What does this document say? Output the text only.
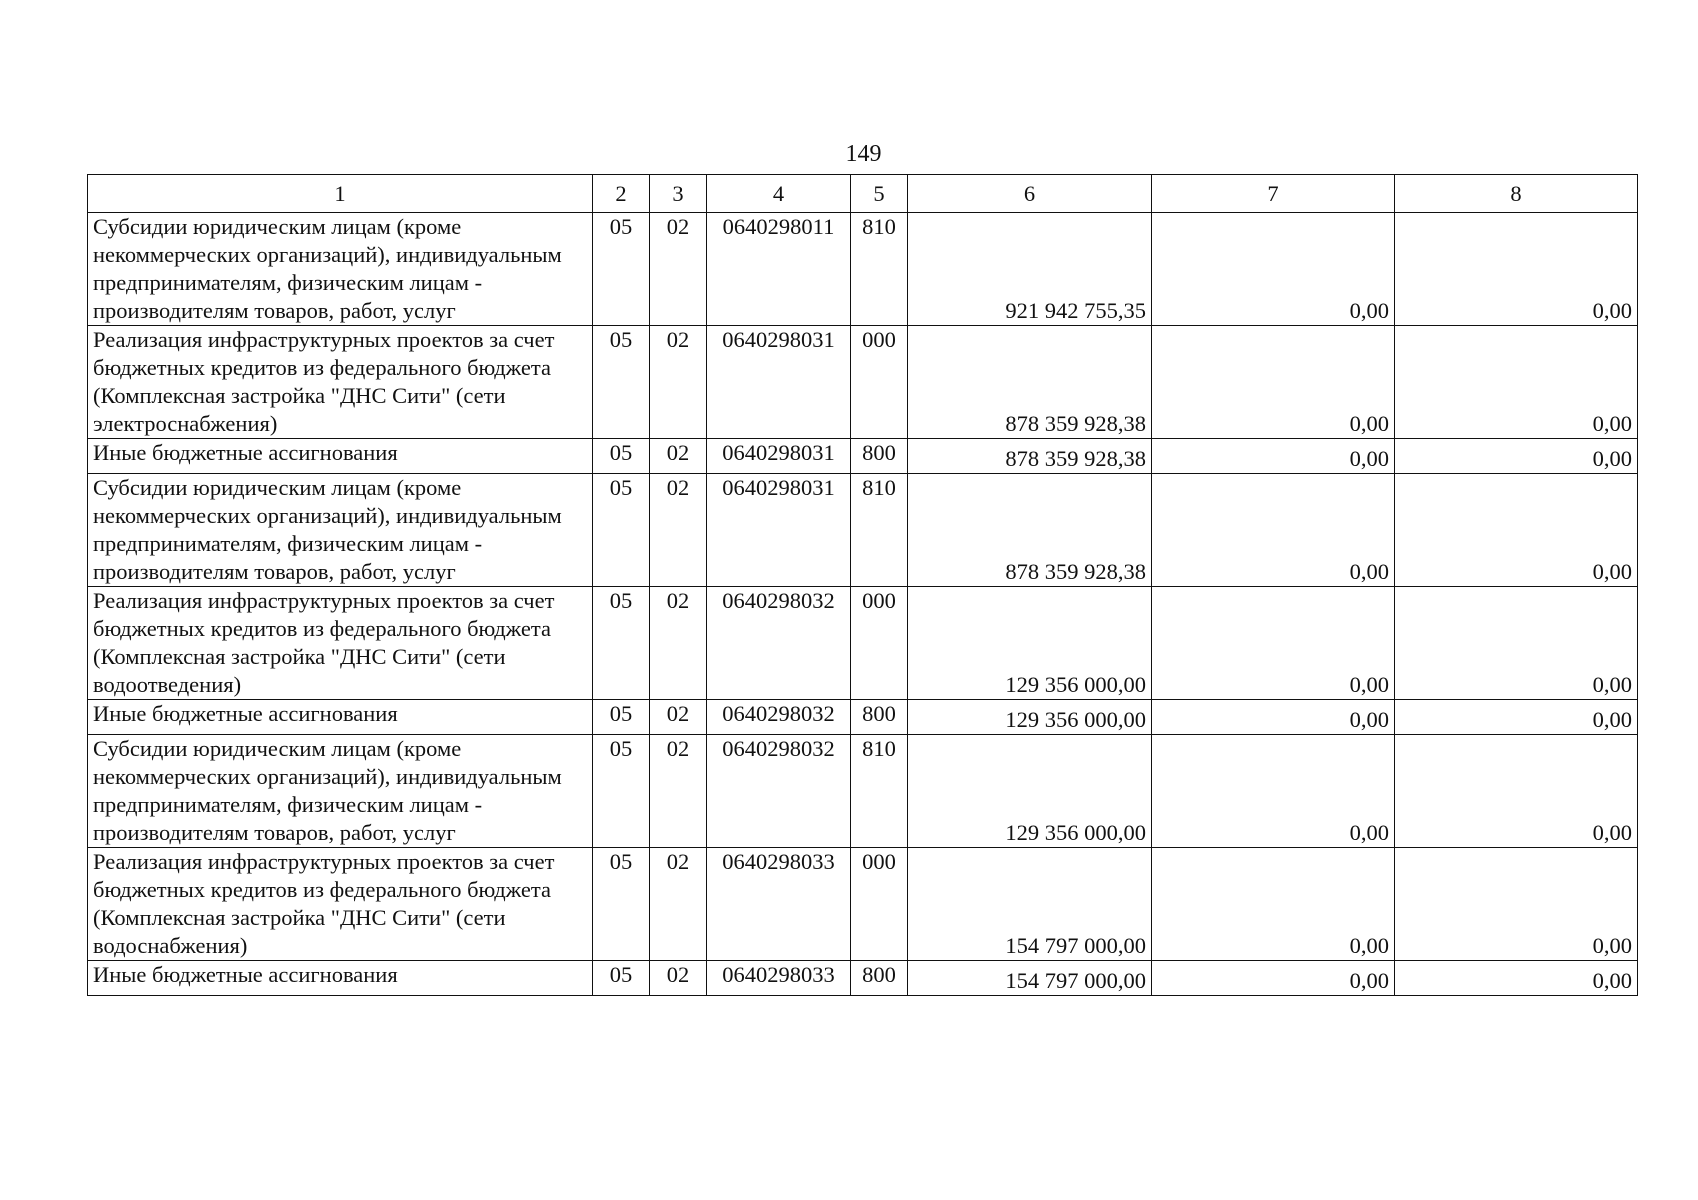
149
1	2	3	4	5	6	7	8
Субсидии юридическим лицам (кроме некоммерческих организаций), индивидуальным предпринимателям, физическим лицам - производителям товаров, работ, услуг	05	02	0640298011	810	921 942 755,35	0,00	0,00
Реализация инфраструктурных проектов за счет бюджетных кредитов из федерального бюджета (Комплексная застройка "ДНС Сити" (сети электроснабжения)	05	02	0640298031	000	878 359 928,38	0,00	0,00
Иные бюджетные ассигнования	05	02	0640298031	800	878 359 928,38	0,00	0,00
Субсидии юридическим лицам (кроме некоммерческих организаций), индивидуальным предпринимателям, физическим лицам - производителям товаров, работ, услуг	05	02	0640298031	810	878 359 928,38	0,00	0,00
Реализация инфраструктурных проектов за счет бюджетных кредитов из федерального бюджета (Комплексная застройка "ДНС Сити" (сети водоотведения)	05	02	0640298032	000	129 356 000,00	0,00	0,00
Иные бюджетные ассигнования	05	02	0640298032	800	129 356 000,00	0,00	0,00
Субсидии юридическим лицам (кроме некоммерческих организаций), индивидуальным предпринимателям, физическим лицам - производителям товаров, работ, услуг	05	02	0640298032	810	129 356 000,00	0,00	0,00
Реализация инфраструктурных проектов за счет бюджетных кредитов из федерального бюджета (Комплексная застройка "ДНС Сити" (сети водоснабжения)	05	02	0640298033	000	154 797 000,00	0,00	0,00
Иные бюджетные ассигнования	05	02	0640298033	800	154 797 000,00	0,00	0,00
